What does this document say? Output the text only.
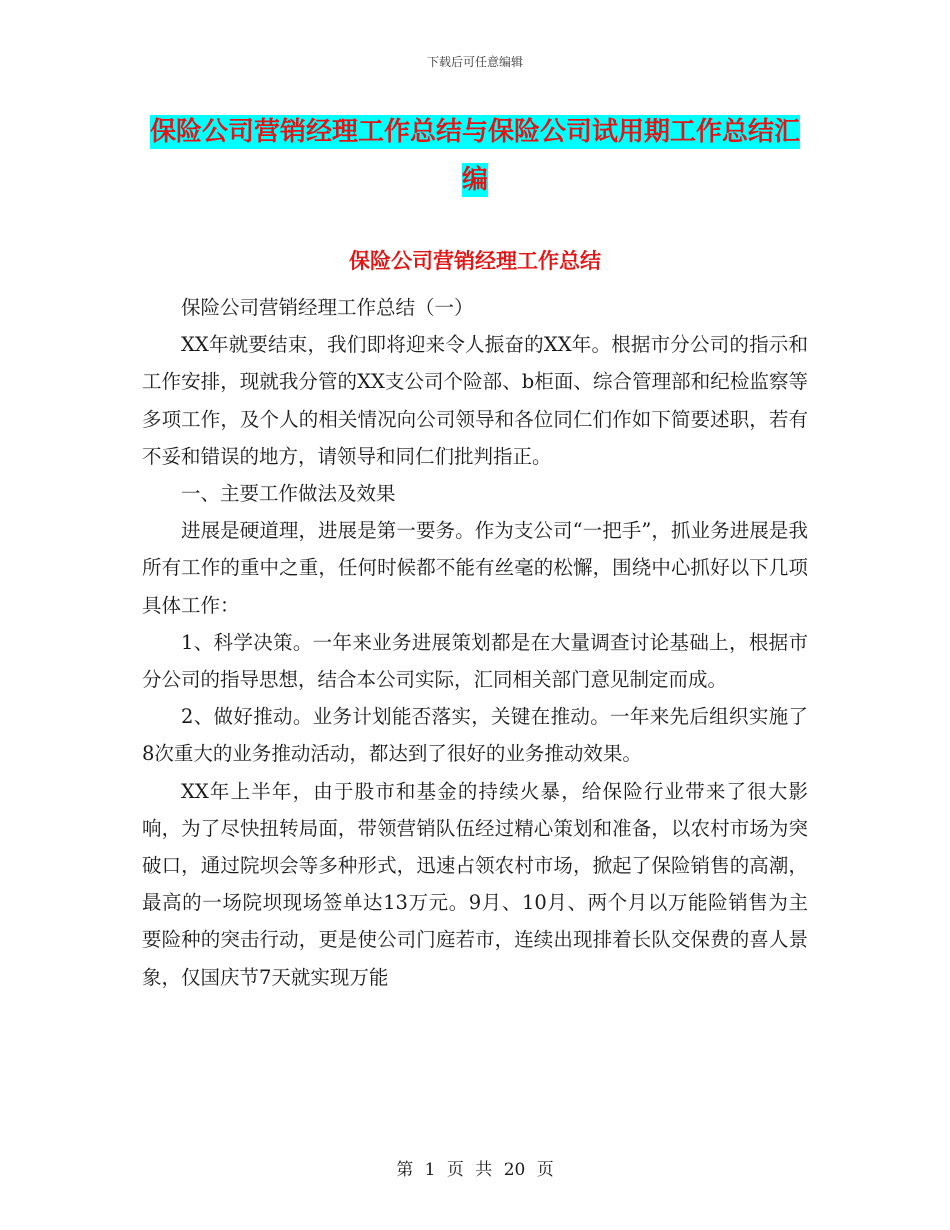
下载后可任意编辑
保险公司营销经理工作总结与保险公司试用期工作总结汇编
保险公司营销经理工作总结

保险公司营销经理工作总结（一）

XX年就要结束，我们即将迎来令人振奋的XX年。根据市分公司的指示和工作安排，现就我分管的XX支公司个险部、b柜面、综合管理部和纪检监察等多项工作，及个人的相关情况向公司领导和各位同仁们作如下简要述职，若有不妥和错误的地方，请领导和同仁们批判指正。

一、主要工作做法及效果

进展是硬道理，进展是第一要务。作为支公司“一把手”，抓业务进展是我所有工作的重中之重，任何时候都不能有丝毫的松懈，围绕中心抓好以下几项具体工作：

1、科学决策。一年来业务进展策划都是在大量调查讨论基础上，根据市分公司的指导思想，结合本公司实际，汇同相关部门意见制定而成。

2、做好推动。业务计划能否落实，关键在推动。一年来先后组织实施了8次重大的业务推动活动，都达到了很好的业务推动效果。

XX年上半年，由于股市和基金的持续火暴，给保险行业带来了很大影响，为了尽快扭转局面，带领营销队伍经过精心策划和准备，以农村市场为突破口，通过院坝会等多种形式，迅速占领农村市场，掀起了保险销售的高潮，最高的一场院坝现场签单达13万元。9月、10月、两个月以万能险销售为主要险种的突击行动，更是使公司门庭若市，连续出现排着长队交保费的喜人景象，仅国庆节7天就实现万能

第 1 页 共 20 页
